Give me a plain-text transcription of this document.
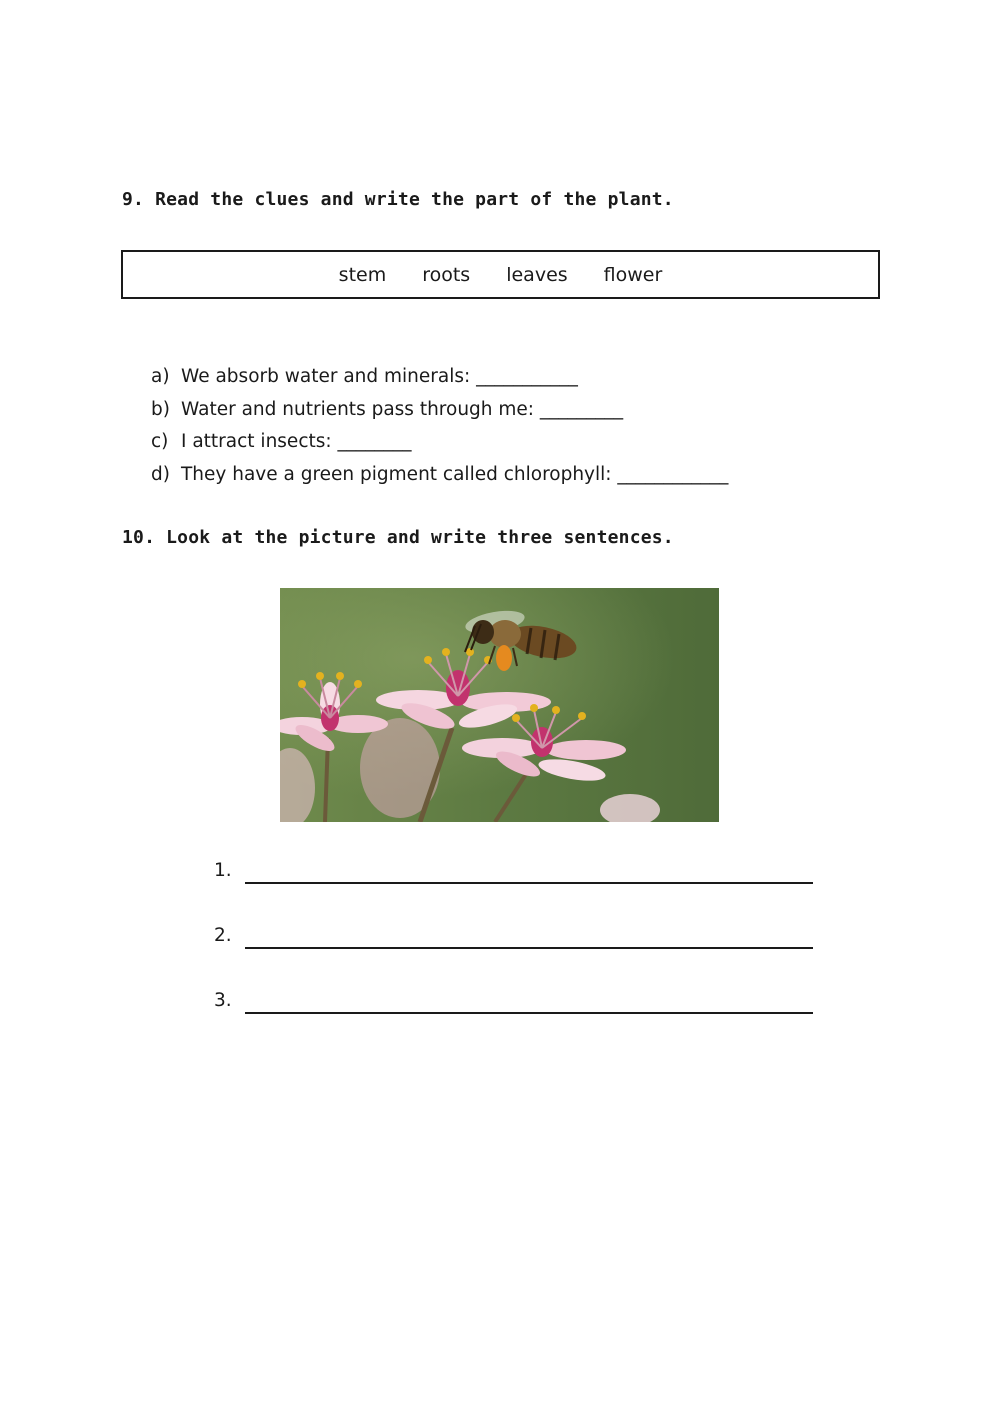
9. Read the clues and write the part of the plant.
stem roots leaves flower
a) We absorb water and minerals: ___________
b) Water and nutrients pass through me: _________
c) I attract insects: ________
d) They have a green pigment called chlorophyll: ____________
10. Look at the picture and write three sentences.
1.
2.
3.
